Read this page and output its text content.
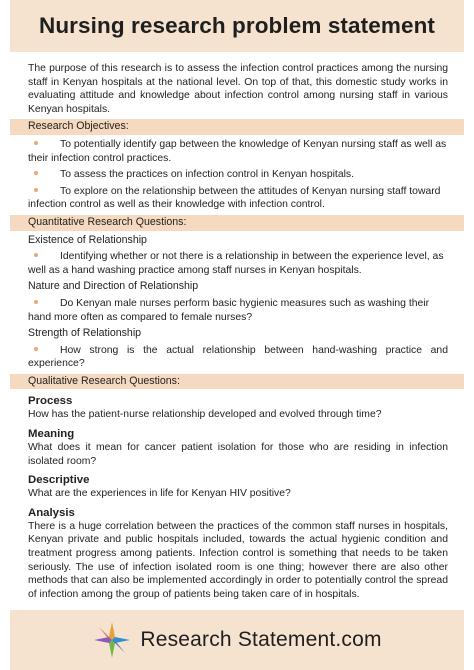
Nursing research problem statement
The purpose of this research is to assess the infection control practices among the nursing staff in Kenyan hospitals at the national level. On top of that, this domestic study works in evaluating attitude and knowledge about infection control among nursing staff in various Kenyan hospitals.
Research Objectives:
To potentially identify gap between the knowledge of Kenyan nursing staff as well as their infection control practices.
To assess the practices on infection control in Kenyan hospitals.
To explore on the relationship between the attitudes of Kenyan nursing staff toward infection control as well as their knowledge with infection control.
Quantitative Research Questions:
Existence of Relationship
Identifying whether or not there is a relationship in between the experience level, as well as a hand washing practice among staff nurses in Kenyan hospitals.
Nature and Direction of Relationship
Do Kenyan male nurses perform basic hygienic measures such as washing their hand more often as compared to female nurses?
Strength of Relationship
How strong is the actual relationship between hand-washing practice and experience?
Qualitative Research Questions:
Process
How has the patient-nurse relationship developed and evolved through time?
Meaning
What does it mean for cancer patient isolation for those who are residing in infection isolated room?
Descriptive
What are the experiences in life for Kenyan HIV positive?
Analysis
There is a huge correlation between the practices of the common staff nurses in hospitals, Kenyan private and public hospitals included, towards the actual hygienic condition and treatment progress among patients. Infection control is something that needs to be taken seriously. The use of infection isolated room is one thing; however there are also other methods that can also be implemented accordingly in order to potentially control the spread of infection among the group of patients being taken care of in hospitals.
Research Statement.com
